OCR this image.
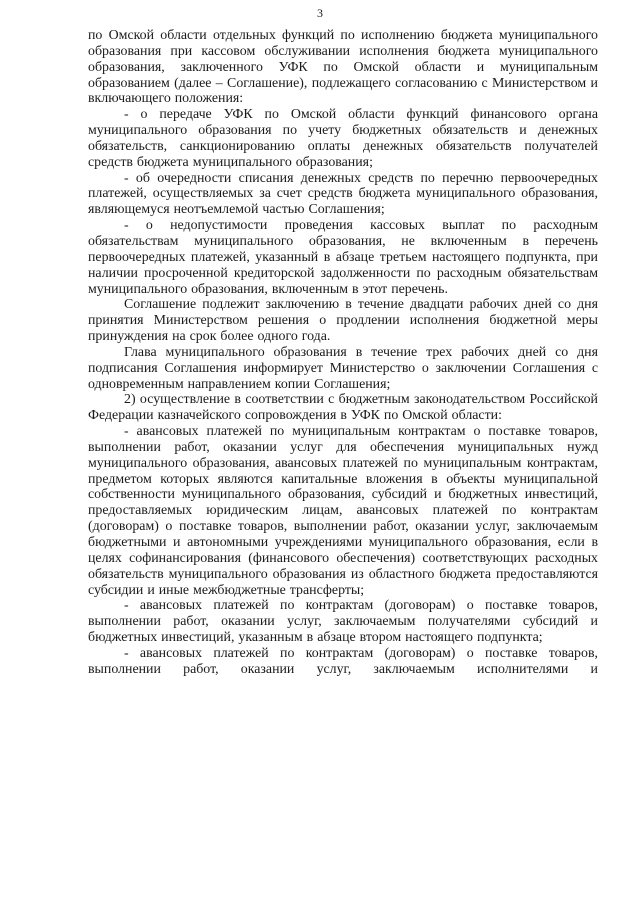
3

по Омской области отдельных функций по исполнению бюджета муниципального образования при кассовом обслуживании исполнения бюджета муниципального образования, заключенного УФК по Омской области и муниципальным образованием (далее – Соглашение), подлежащего согласованию с Министерством и включающего положения:

- о передаче УФК по Омской области функций финансового органа муниципального образования по учету бюджетных обязательств и денежных обязательств, санкционированию оплаты денежных обязательств получателей средств бюджета муниципального образования;

- об очередности списания денежных средств по перечню первоочередных платежей, осуществляемых за счет средств бюджета муниципального образования, являющемуся неотъемлемой частью Соглашения;

- о недопустимости проведения кассовых выплат по расходным обязательствам муниципального образования, не включенным в перечень первоочередных платежей, указанный в абзаце третьем настоящего подпункта, при наличии просроченной кредиторской задолженности по расходным обязательствам муниципального образования, включенным в этот перечень.

Соглашение подлежит заключению в течение двадцати рабочих дней со дня принятия Министерством решения о продлении исполнения бюджетной меры принуждения на срок более одного года.

Глава муниципального образования в течение трех рабочих дней со дня подписания Соглашения информирует Министерство о заключении Соглашения с одновременным направлением копии Соглашения;

2) осуществление в соответствии с бюджетным законодательством Российской Федерации казначейского сопровождения в УФК по Омской области:

- авансовых платежей по муниципальным контрактам о поставке товаров, выполнении работ, оказании услуг для обеспечения муниципальных нужд муниципального образования, авансовых платежей по муниципальным контрактам, предметом которых являются капитальные вложения в объекты муниципальной собственности муниципального образования, субсидий и бюджетных инвестиций, предоставляемых юридическим лицам, авансовых платежей по контрактам (договорам) о поставке товаров, выполнении работ, оказании услуг, заключаемым бюджетными и автономными учреждениями муниципального образования, если в целях софинансирования (финансового обеспечения) соответствующих расходных обязательств муниципального образования из областного бюджета предоставляются субсидии и иные межбюджетные трансферты;

- авансовых платежей по контрактам (договорам) о поставке товаров, выполнении работ, оказании услуг, заключаемым получателями субсидий и бюджетных инвестиций, указанным в абзаце втором настоящего подпункта;

- авансовых платежей по контрактам (договорам) о поставке товаров, выполнении работ, оказании услуг, заключаемым исполнителями и
